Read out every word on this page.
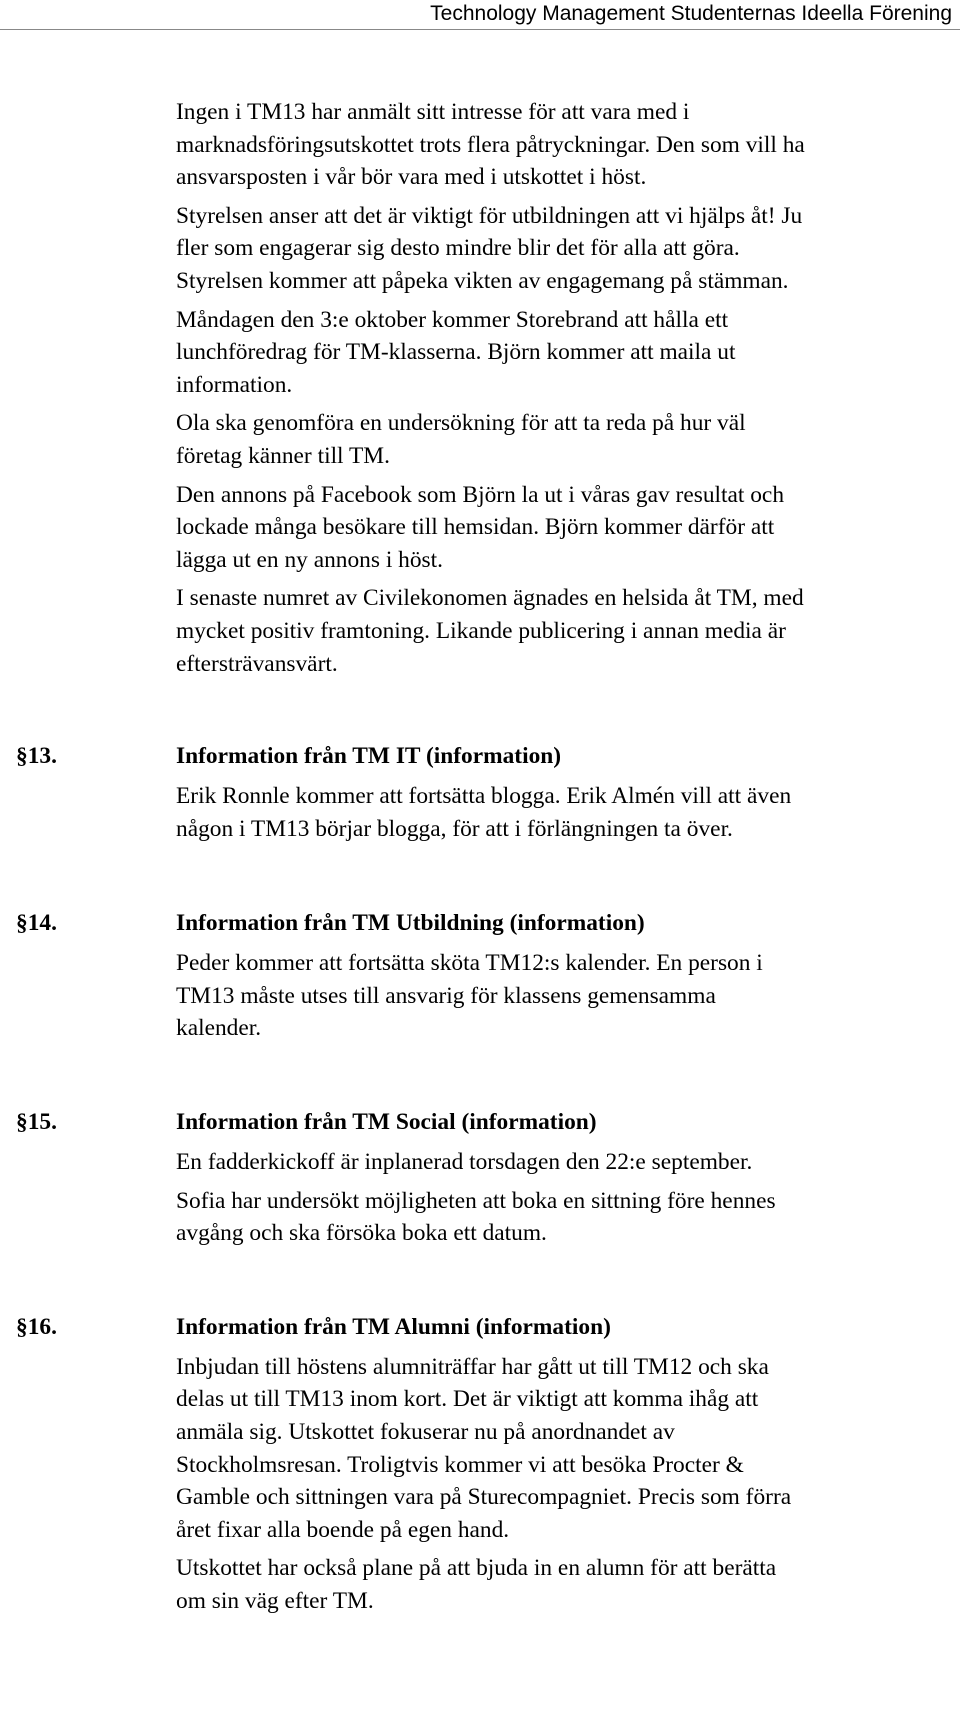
Technology Management Studenternas Ideella Förening

Ingen i TM13 har anmält sitt intresse för att vara med i
marknadsföringsutskottet trots flera påtryckningar. Den som vill ha
ansvarsposten i vår bör vara med i utskottet i höst.

Styrelsen anser att det är viktigt för utbildningen att vi hjälps åt! Ju
fler som engagerar sig desto mindre blir det för alla att göra.
Styrelsen kommer att påpeka vikten av engagemang på stämman.

Måndagen den 3:e oktober kommer Storebrand att hålla ett
lunchföredrag för TM-klasserna. Björn kommer att maila ut
information.

Ola ska genomföra en undersökning för att ta reda på hur väl
företag känner till TM.

Den annons på Facebook som Björn la ut i våras gav resultat och
lockade många besökare till hemsidan. Björn kommer därför att
lägga ut en ny annons i höst.

I senaste numret av Civilekonomen ägnades en helsida åt TM, med
mycket positiv framtoning. Likande publicering i annan media är
eftersträvansvärt.

§13.	Information från TM IT (information)

Erik Ronnle kommer att fortsätta blogga. Erik Almén vill att även
någon i TM13 börjar blogga, för att i förlängningen ta över.

§14.	Information från TM Utbildning (information)

Peder kommer att fortsätta sköta TM12:s kalender. En person i
TM13 måste utses till ansvarig för klassens gemensamma
kalender.

§15.	Information från TM Social (information)

En fadderkickoff är inplanerad torsdagen den 22:e september.

Sofia har undersökt möjligheten att boka en sittning före hennes
avgång och ska försöka boka ett datum.

§16.	Information från TM Alumni (information)

Inbjudan till höstens alumniträffar har gått ut till TM12 och ska
delas ut till TM13 inom kort. Det är viktigt att komma ihåg att
anmäla sig. Utskottet fokuserar nu på anordnandet av
Stockholmsresan. Troligtvis kommer vi att besöka Procter &
Gamble och sittningen vara på Sturecompagniet. Precis som förra
året fixar alla boende på egen hand.

Utskottet har också plane på att bjuda in en alumn för att berätta
om sin väg efter TM.
